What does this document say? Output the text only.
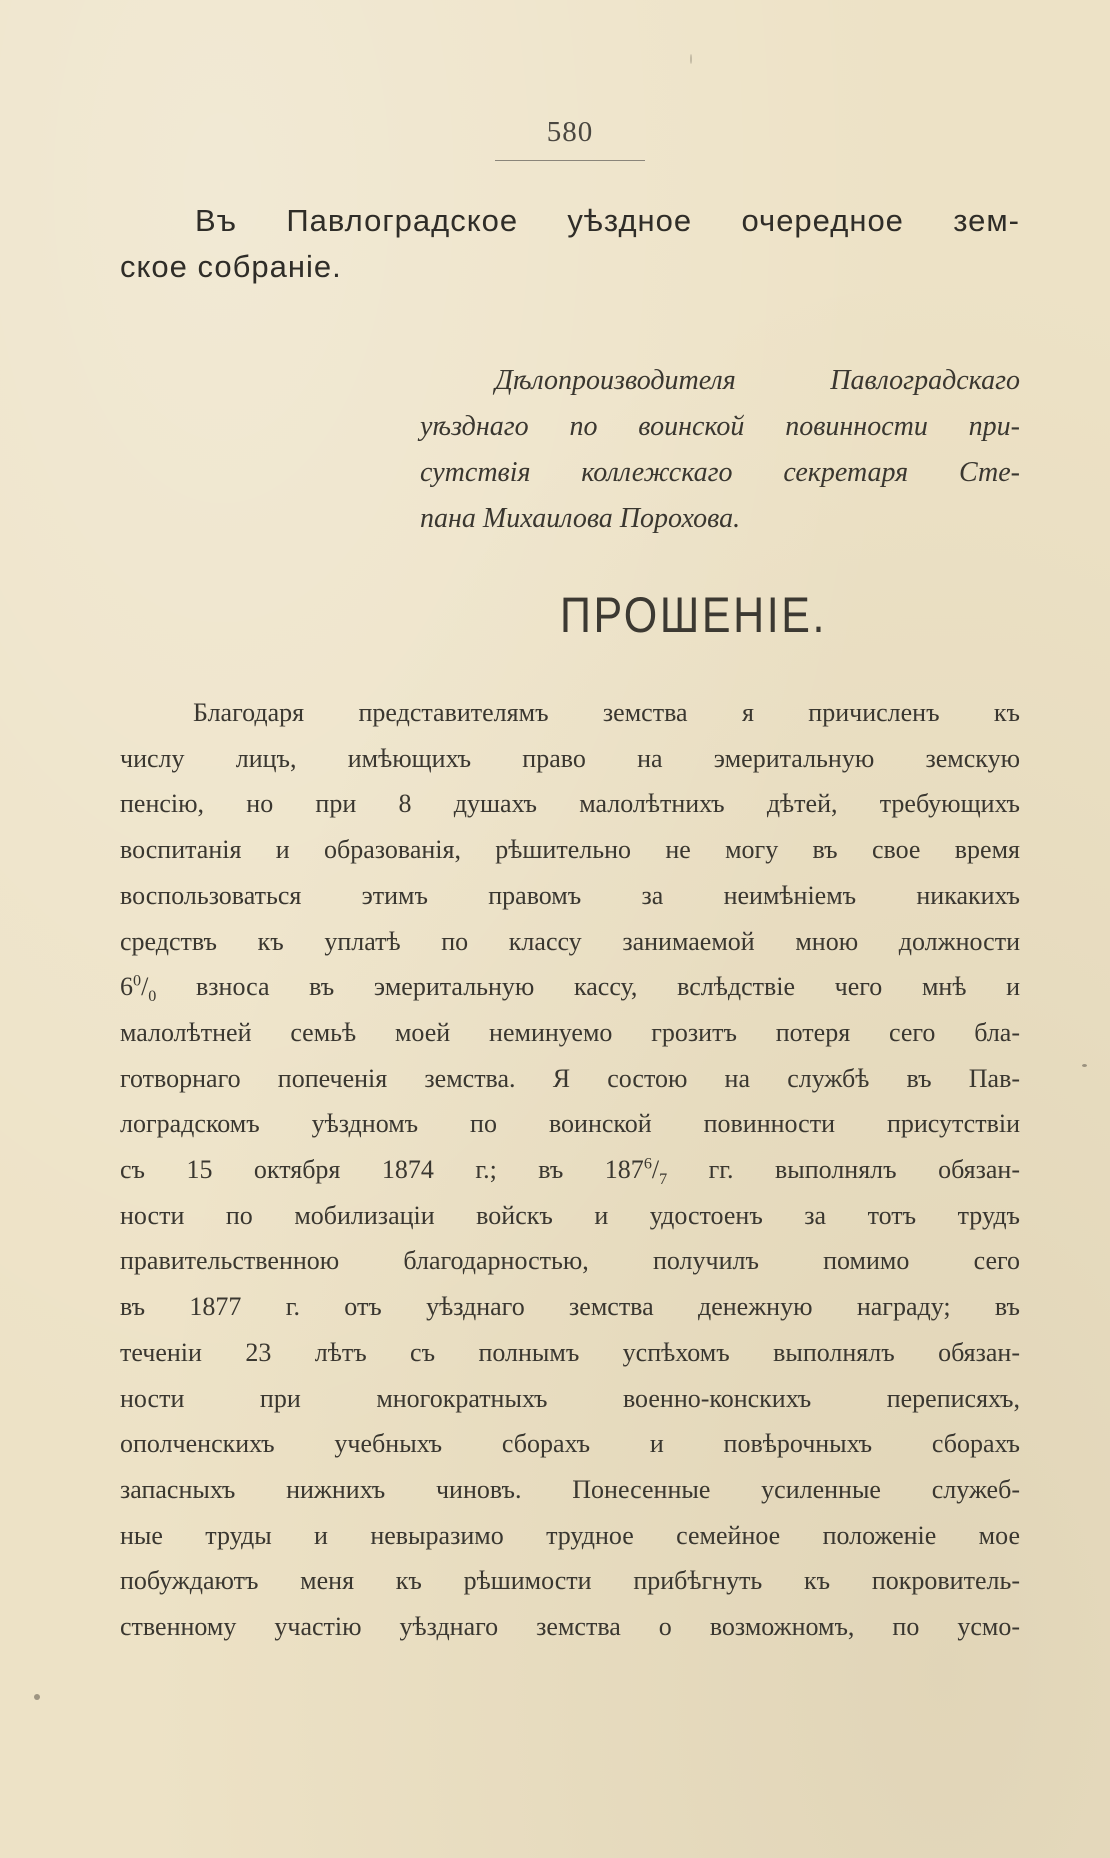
580
Въ Павлоградское уѣздное очередное зем-
ское собраніе.
Дѣлопроизводителя Павлоградскаго
уѣзднаго по воинской повинности при-
сутствія коллежскаго секретаря Сте-
пана Михаилова Порохова.
ПРОШЕНІЕ.
Благодаря представителямъ земства я причисленъ къ
числу лицъ, имѣющихъ право на эмеритальную земскую
пенсію, но при 8 душахъ малолѣтнихъ дѣтей, требующихъ
воспитанія и образованія, рѣшительно не могу въ свое время
воспользоваться этимъ правомъ за неимѣніемъ никакихъ
средствъ къ уплатѣ по классу занимаемой мною должности
$6^0/_0$ взноса въ эмеритальную кассу, вслѣдствіе чего мнѣ и
малолѣтней семьѣ моей неминуемо грозитъ потеря сего бла-
готворнаго попеченія земства. Я состою на службѣ въ Пав-
лоградскомъ уѣздномъ по воинской повинности присутствіи
съ 15 октября 1874 г.; въ $187^6/_7$ гг. выполнялъ обязан-
ности по мобилизаціи войскъ и удостоенъ за тотъ трудъ
правительственною благодарностью, получилъ помимо сего
въ 1877 г. отъ уѣзднаго земства денежную награду; въ
теченіи 23 лѣтъ съ полнымъ успѣхомъ выполнялъ обязан-
ности при многократныхъ военно-конскихъ переписяхъ,
ополченскихъ учебныхъ сборахъ и повѣрочныхъ сборахъ
запасныхъ нижнихъ чиновъ. Понесенные усиленные служеб-
ные труды и невыразимо трудное семейное положеніе мое
побуждаютъ меня къ рѣшимости прибѣгнуть къ покровитель-
ственному участію уѣзднаго земства о возможномъ, по усмо-
